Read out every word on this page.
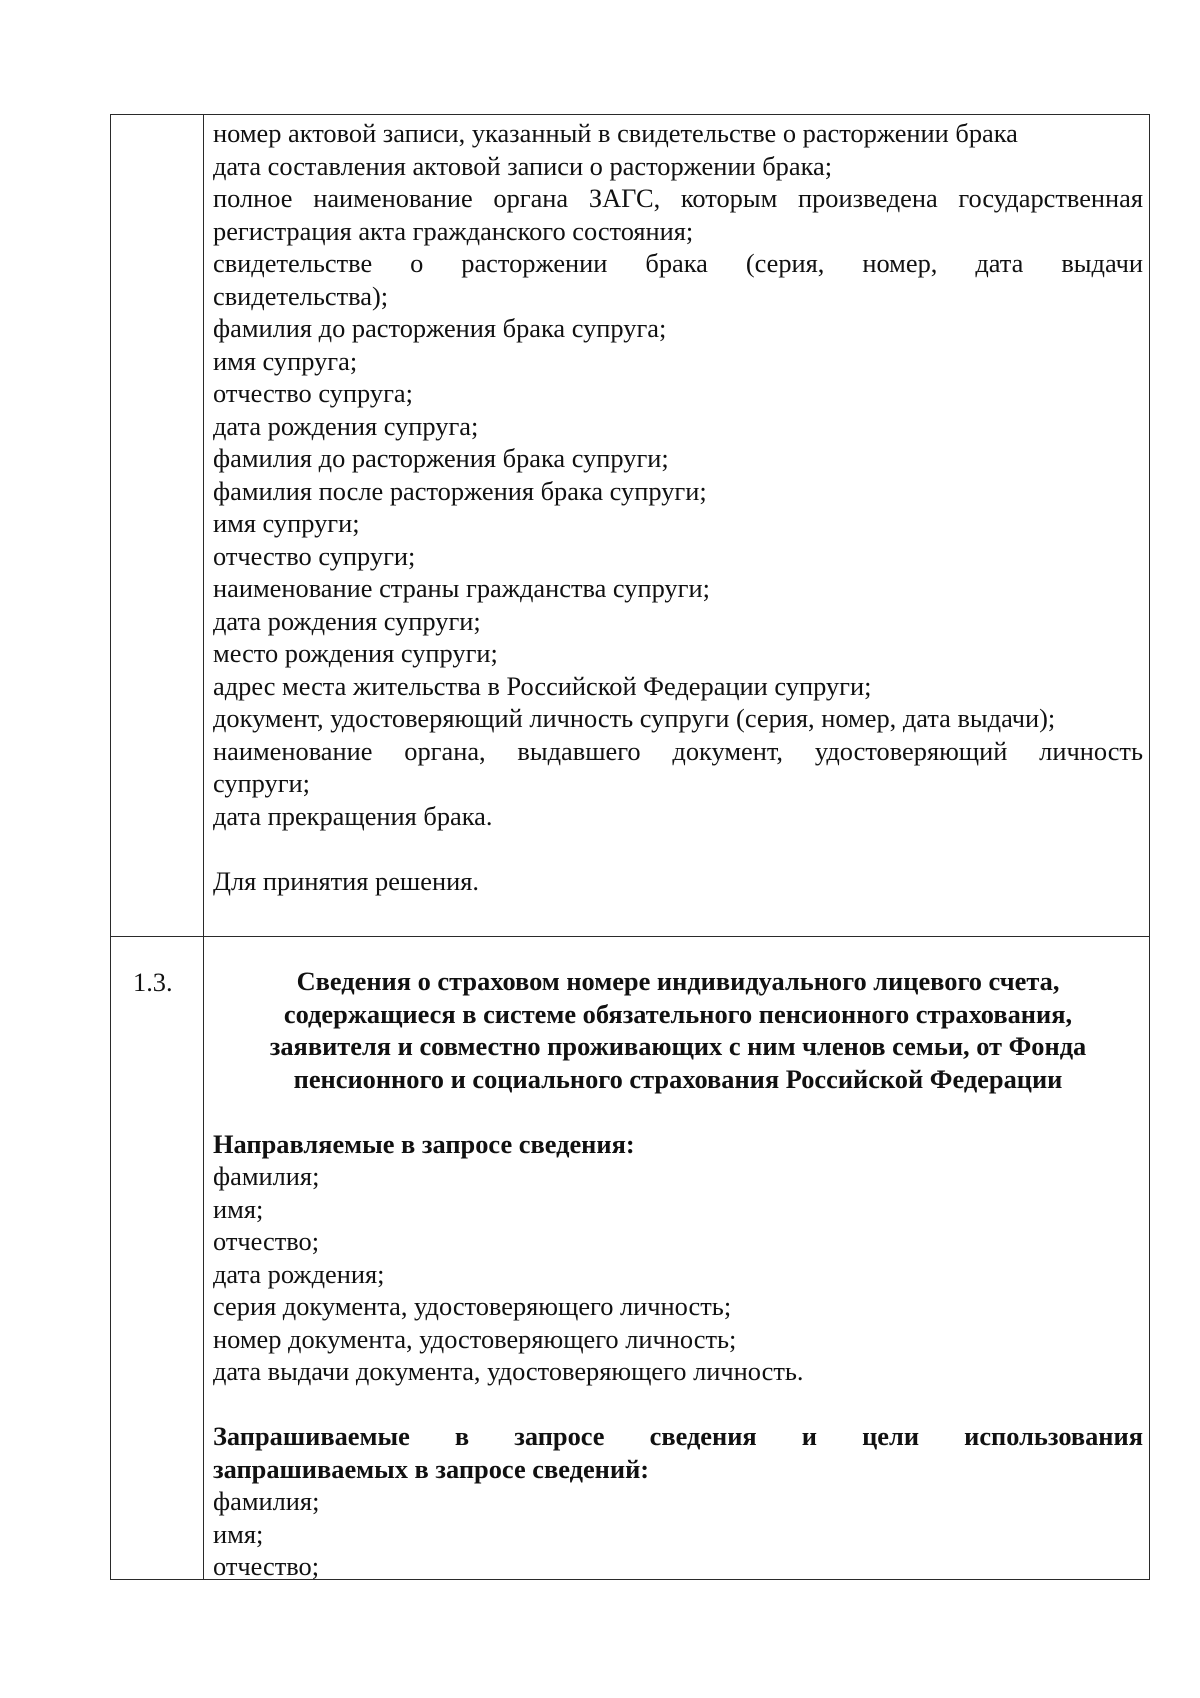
номер актовой записи, указанный в свидетельстве о расторжении брака
дата составления актовой записи о расторжении брака;
полное наименование органа ЗАГС, которым произведена государственная
регистрация акта гражданского состояния;
свидетельстве о расторжении брака (серия, номер, дата выдачи
свидетельства);
фамилия до расторжения брака супруга;
имя супруга;
отчество супруга;
дата рождения супруга;
фамилия до расторжения брака супруги;
фамилия после расторжения брака супруги;
имя супруги;
отчество супруги;
наименование страны гражданства супруги;
дата рождения супруги;
место рождения супруги;
адрес места жительства в Российской Федерации супруги;
документ, удостоверяющий личность супруги (серия, номер, дата выдачи);
наименование органа, выдавшего документ, удостоверяющий личность
супруги;
дата прекращения брака.
Для принятия решения.
1.3.	Сведения о страховом номере индивидуального лицевого счета,
содержащиеся в системе обязательного пенсионного страхования,
заявителя и совместно проживающих с ним членов семьи, от Фонда
пенсионного и социального страхования Российской Федерации
Направляемые в запросе сведения:
фамилия;
имя;
отчество;
дата рождения;
серия документа, удостоверяющего личность;
номер документа, удостоверяющего личность;
дата выдачи документа, удостоверяющего личность.
Запрашиваемые в запросе сведения и цели использования
запрашиваемых в запросе сведений:
фамилия;
имя;
отчество;
